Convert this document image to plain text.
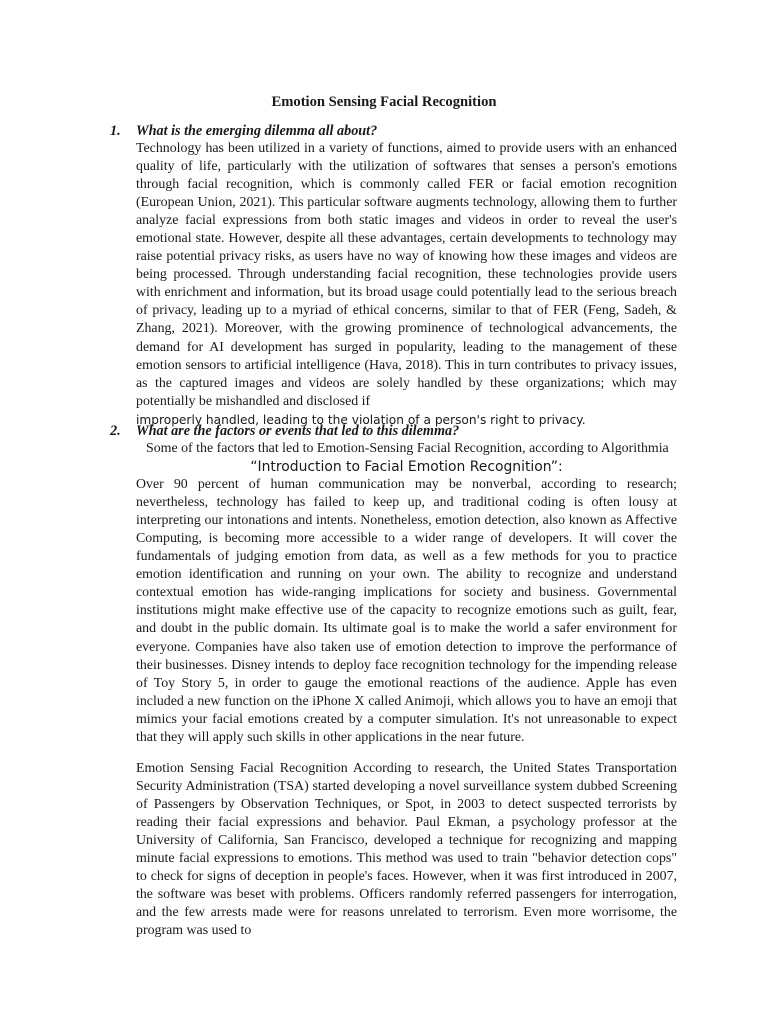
Emotion Sensing Facial Recognition
1. What is the emerging dilemma all about?

Technology has been utilized in a variety of functions, aimed to provide users with an enhanced quality of life, particularly with the utilization of softwares that senses a person's emotions through facial recognition, which is commonly called FER or facial emotion recognition (European Union, 2021). This particular software augments technology, allowing them to further analyze facial expressions from both static images and videos in order to reveal the user's emotional state. However, despite all these advantages, certain developments to technology may raise potential privacy risks, as users have no way of knowing how these images and videos are being processed. Through understanding facial recognition, these technologies provide users with enrichment and information, but its broad usage could potentially lead to the serious breach of privacy, leading up to a myriad of ethical concerns, similar to that of FER (Feng, Sadeh, & Zhang, 2021). Moreover, with the growing prominence of technological advancements, the demand for AI development has surged in popularity, leading to the management of these emotion sensors to artificial intelligence (Hava, 2018). This in turn contributes to privacy issues, as the captured images and videos are solely handled by these organizations; which may potentially be mishandled and disclosed if

improperly handled, leading to the violation of a person's right to privacy.

2. What are the factors or events that led to this dilemma?

Some of the factors that led to Emotion-Sensing Facial Recognition, according to Algorithmia

“Introduction to Facial Emotion Recognition”:

Over 90 percent of human communication may be nonverbal, according to research; nevertheless, technology has failed to keep up, and traditional coding is often lousy at interpreting our intonations and intents. Nonetheless, emotion detection, also known as Affective Computing, is becoming more accessible to a wider range of developers. It will cover the fundamentals of judging emotion from data, as well as a few methods for you to practice emotion identification and running on your own. The ability to recognize and understand contextual emotion has wide-ranging implications for society and business. Governmental institutions might make effective use of the capacity to recognize emotions such as guilt, fear, and doubt in the public domain. Its ultimate goal is to make the world a safer environment for everyone. Companies have also taken use of emotion detection to improve the performance of their businesses. Disney intends to deploy face recognition technology for the impending release of Toy Story 5, in order to gauge the emotional reactions of the audience. Apple has even included a new function on the iPhone X called Animoji, which allows you to have an emoji that mimics your facial emotions created by a computer simulation. It's not unreasonable to expect that they will apply such skills in other applications in the near future.

Emotion Sensing Facial Recognition According to research, the United States Transportation Security Administration (TSA) started developing a novel surveillance system dubbed Screening of Passengers by Observation Techniques, or Spot, in 2003 to detect suspected terrorists by reading their facial expressions and behavior. Paul Ekman, a psychology professor at the University of California, San Francisco, developed a technique for recognizing and mapping minute facial expressions to emotions. This method was used to train "behavior detection cops" to check for signs of deception in people's faces. However, when it was first introduced in 2007, the software was beset with problems. Officers randomly referred passengers for interrogation, and the few arrests made were for reasons unrelated to terrorism. Even more worrisome, the program was used to
